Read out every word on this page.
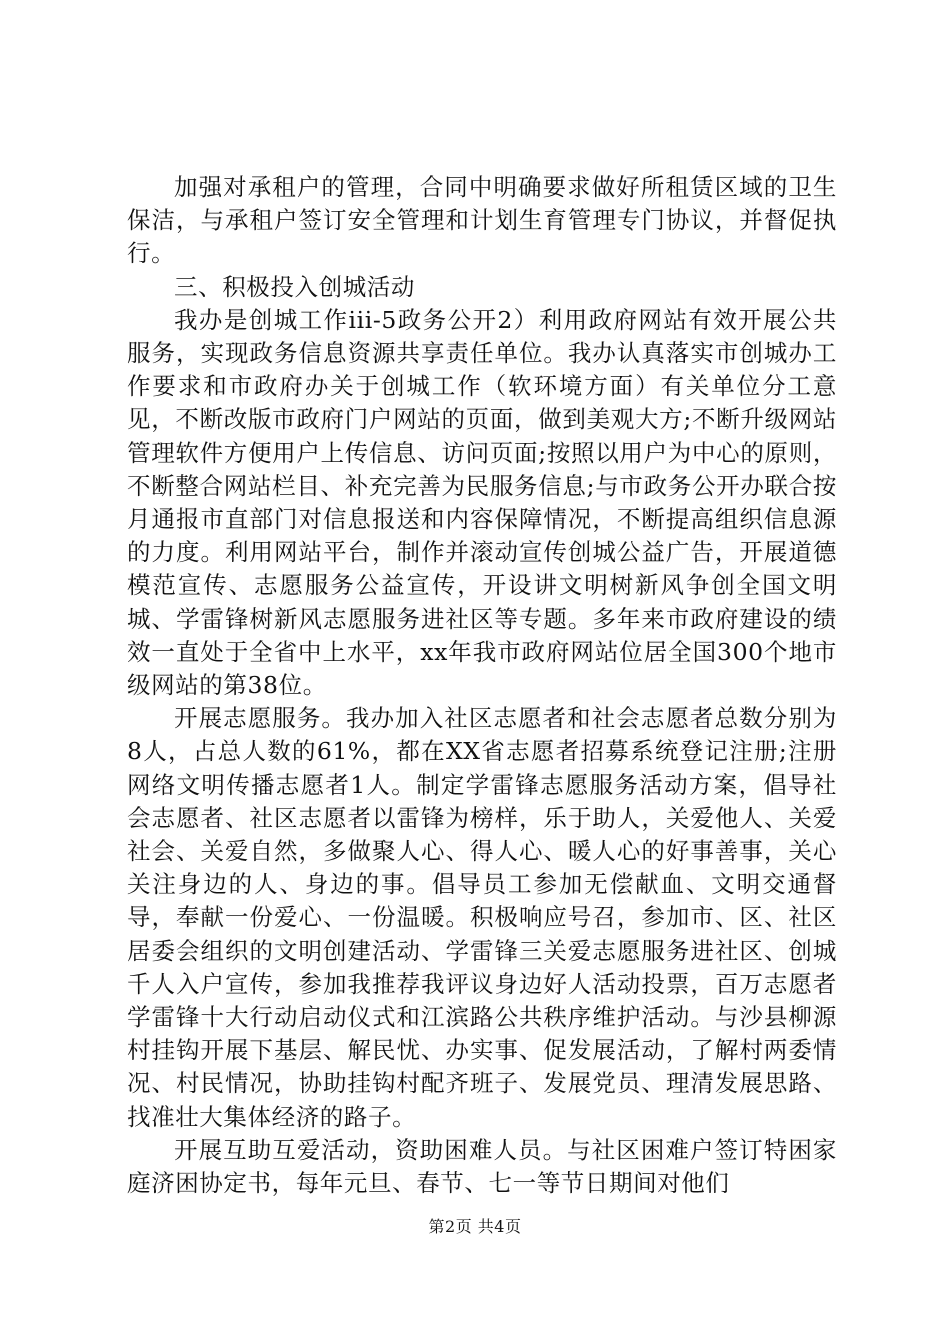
加强对承租户的管理，合同中明确要求做好所租赁区域的卫生保洁，与承租户签订安全管理和计划生育管理专门协议，并督促执行。

三、积极投入创城活动

我办是创城工作iii-5政务公开2）利用政府网站有效开展公共服务，实现政务信息资源共享责任单位。我办认真落实市创城办工作要求和市政府办关于创城工作（软环境方面）有关单位分工意见，不断改版市政府门户网站的页面，做到美观大方;不断升级网站管理软件方便用户上传信息、访问页面;按照以用户为中心的原则，不断整合网站栏目、补充完善为民服务信息;与市政务公开办联合按月通报市直部门对信息报送和内容保障情况，不断提高组织信息源的力度。利用网站平台，制作并滚动宣传创城公益广告，开展道德模范宣传、志愿服务公益宣传，开设讲文明树新风争创全国文明城、学雷锋树新风志愿服务进社区等专题。多年来市政府建设的绩效一直处于全省中上水平，xx年我市政府网站位居全国300个地市级网站的第38位。

开展志愿服务。我办加入社区志愿者和社会志愿者总数分别为8人，占总人数的61%，都在XX省志愿者招募系统登记注册;注册网络文明传播志愿者1人。制定学雷锋志愿服务活动方案，倡导社会志愿者、社区志愿者以雷锋为榜样，乐于助人，关爱他人、关爱社会、关爱自然，多做聚人心、得人心、暖人心的好事善事，关心关注身边的人、身边的事。倡导员工参加无偿献血、文明交通督导，奉献一份爱心、一份温暖。积极响应号召，参加市、区、社区居委会组织的文明创建活动、学雷锋三关爱志愿服务进社区、创城千人入户宣传，参加我推荐我评议身边好人活动投票，百万志愿者学雷锋十大行动启动仪式和江滨路公共秩序维护活动。与沙县柳源村挂钩开展下基层、解民忧、办实事、促发展活动，了解村两委情况、村民情况，协助挂钩村配齐班子、发展党员、理清发展思路、找准壮大集体经济的路子。

开展互助互爱活动，资助困难人员。与社区困难户签订特困家庭济困协定书，每年元旦、春节、七一等节日期间对他们

第2页 共4页
